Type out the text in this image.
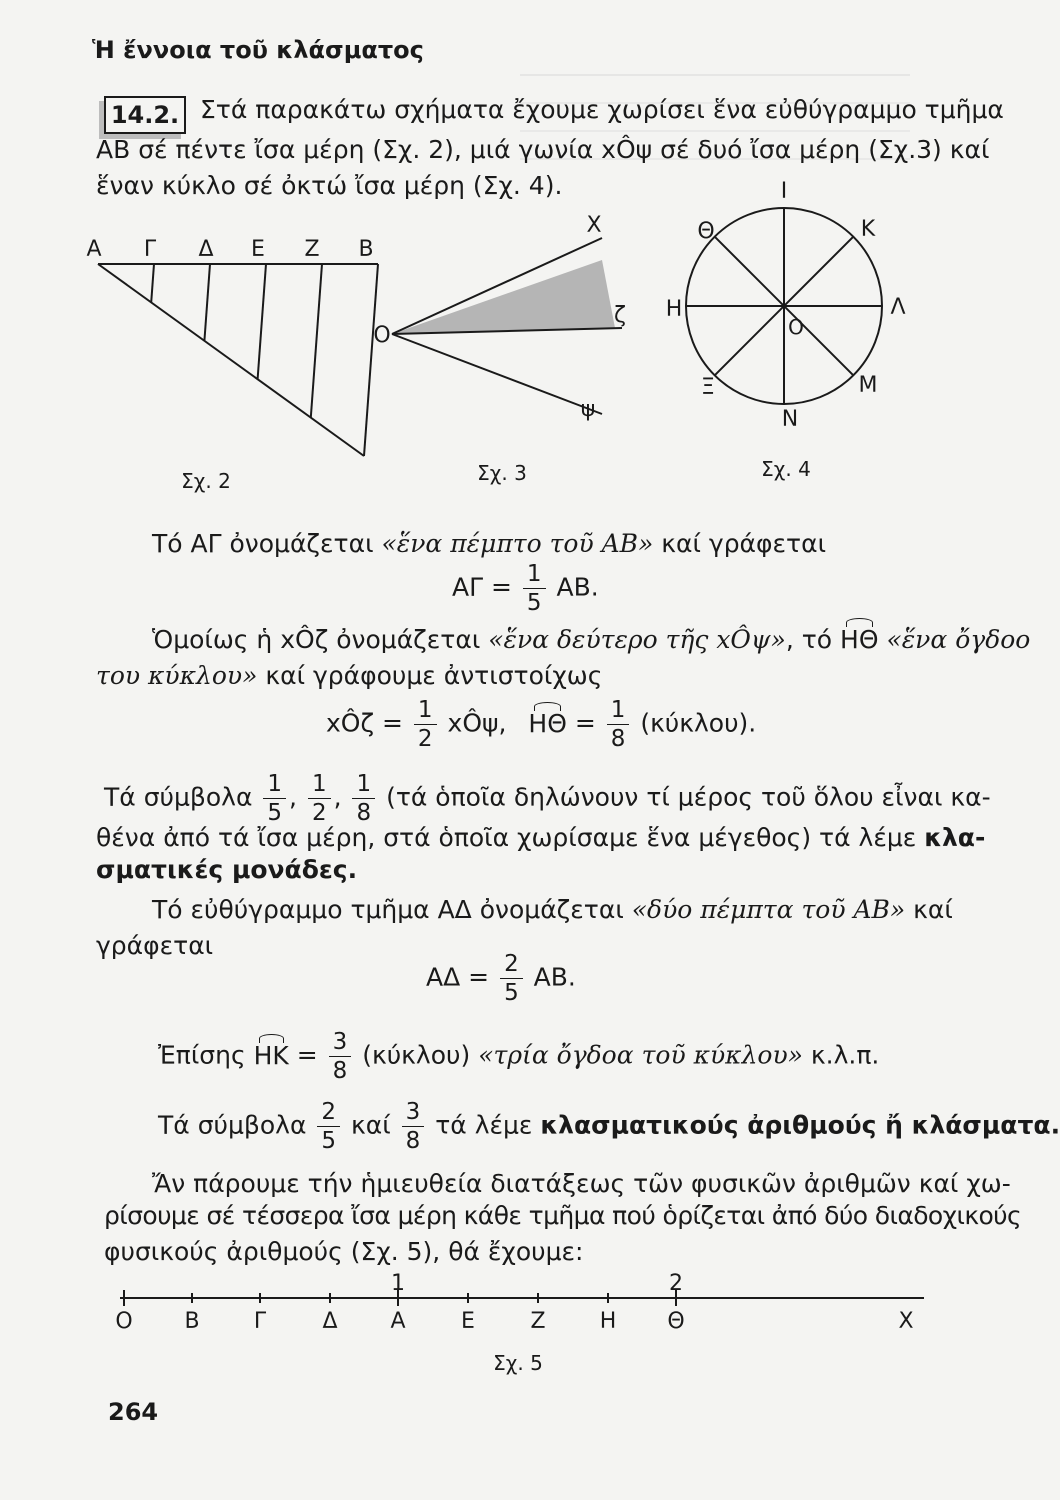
Ἡ ἔννοια τοῦ κλάσματος
14.2. Στά παρακάτω σχήματα ἔχουμε χωρίσει ἕνα εὐθύγραμμο τμῆμα
ΑΒ σέ πέντε ἴσα μέρη (Σχ. 2), μιά γωνία xÔψ σέ δυό ἴσα μέρη (Σχ.3) καί
ἕναν κύκλο σέ ὀκτώ ἴσα μέρη (Σχ. 4).
Α Γ Δ Ε Ζ Β
Σχ. 2
Ο
Χ
ζ
ψ
Σχ. 3
Ι
Κ
Λ
Μ
Ν
Ξ
Η
Θ
Ο
Σχ. 4
Τό ΑΓ ὀνομάζεται «ἕνα πέμπτο τοῦ ΑΒ» καί γράφεται
$A\Gamma = \frac{1}{5} AB$.
Ὁμοίως ἡ xÔζ ὀνομάζεται «ἕνα δεύτερο τῆς xÔψ», τό ΗΘ «ἕνα ὄγδοο
του κύκλου» καί γράφουμε ἀντιστοίχως
xÔζ = $\frac{1}{2}$ xÔψ, $H\Theta = \frac{1}{8} (\kappa ύ\kappa\lambda o\upsilon)$.
Τά σύμβολα $\frac{1}{5}$ , $\frac{1}{2}$ , $\frac{1}{8} (\tau ά$ ὁποῖα δηλώνουν τί μέρος τοῦ ὅλου εἶναι κα-
θένα ἀπό τά ἴσα μέρη, στά ὁποῖα χωρίσαμε ἕνα μέγεθος) τά λέμε κλα-
σματικές μονάδες.
Τό εὐθύγραμμο τμῆμα ΑΔ ὀνομάζεται «δύο πέμπτα τοῦ ΑΒ» καί
γράφεται
$A\Delta = \frac{2}{5} AB$.
Ἐπίσης $HK = \frac{3}{8} (\kappa ύ\kappa\lambda o\upsilon)$ «τρία ὄγδοα τοῦ κύκλου» κ.λ.π.
Τά σύμβολα $\frac{2}{5}$ καί $\frac{3}{8}$ τά λέμε κλασματικούς ἀριθμούς ἤ κλάσματα.
Ἄν πάρουμε τήν ἡμιευθεία διατάξεως τῶν φυσικῶν ἀριθμῶν καί χω-
ρίσουμε σέ τέσσερα ἴσα μέρη κάθε τμῆμα πού ὁρίζεται ἀπό δύο διαδοχικούς
φυσικούς ἀριθμούς (Σχ. 5), θά ἔχουμε:
1	2
Ο Β Γ	Δ Α	Ε	Ζ Η Θ	Χ
Σχ. 5
264
